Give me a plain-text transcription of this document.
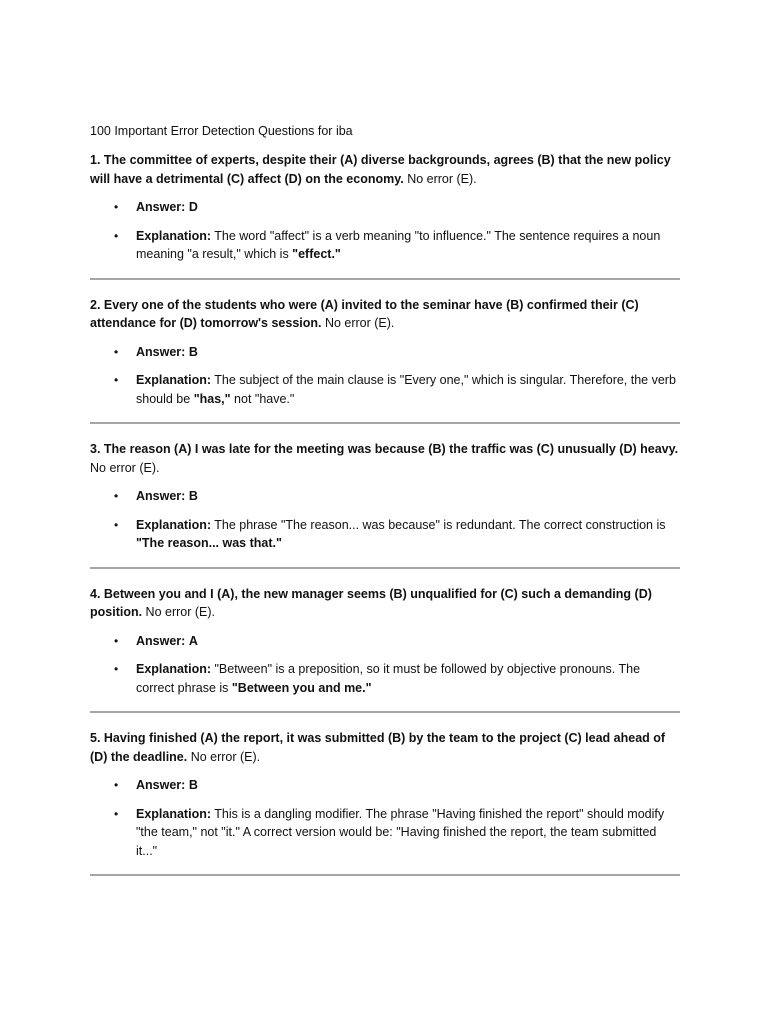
100 Important Error Detection Questions for iba

1. The committee of experts, despite their (A) diverse backgrounds, agrees (B) that the new policy will have a detrimental (C) affect (D) on the economy. No error (E).

• Answer: D
• Explanation: The word "affect" is a verb meaning "to influence." The sentence requires a noun meaning "a result," which is "effect."

2. Every one of the students who were (A) invited to the seminar have (B) confirmed their (C) attendance for (D) tomorrow's session. No error (E).

• Answer: B
• Explanation: The subject of the main clause is "Every one," which is singular. Therefore, the verb should be "has," not "have."

3. The reason (A) I was late for the meeting was because (B) the traffic was (C) unusually (D) heavy. No error (E).

• Answer: B
• Explanation: The phrase "The reason... was because" is redundant. The correct construction is "The reason... was that."

4. Between you and I (A), the new manager seems (B) unqualified for (C) such a demanding (D) position. No error (E).

• Answer: A
• Explanation: "Between" is a preposition, so it must be followed by objective pronouns. The correct phrase is "Between you and me."

5. Having finished (A) the report, it was submitted (B) by the team to the project (C) lead ahead of (D) the deadline. No error (E).

• Answer: B
• Explanation: This is a dangling modifier. The phrase "Having finished the report" should modify "the team," not "it." A correct version would be: "Having finished the report, the team submitted it..."
